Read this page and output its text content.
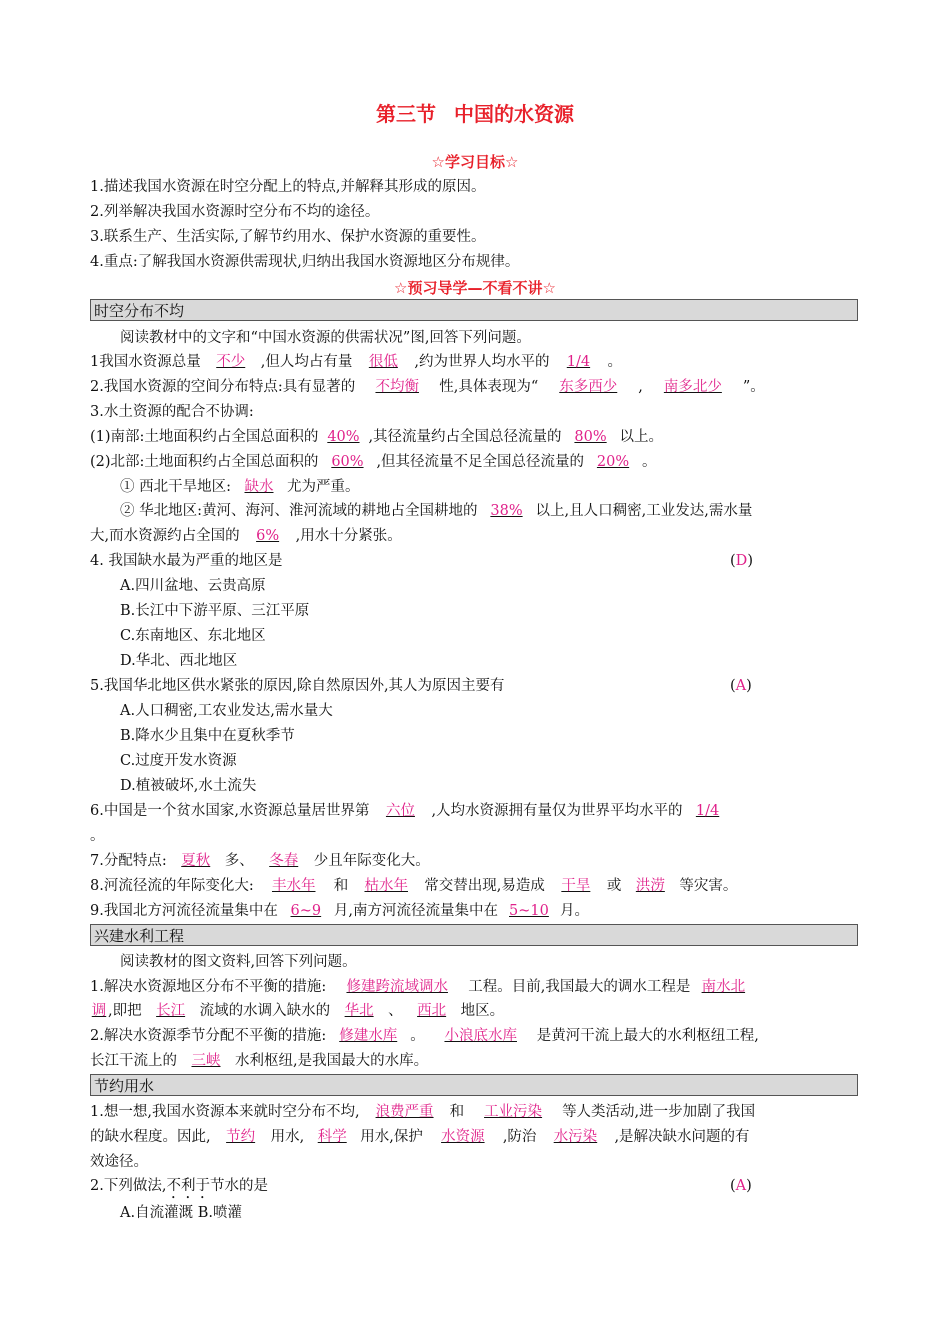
第三节 中国的水资源
☆学习目标☆
1.描述我国水资源在时空分配上的特点,并解释其形成的原因。
2.列举解决我国水资源时空分布不均的途径。
3.联系生产、生活实际,了解节约用水、保护水资源的重要性。
4.重点:了解我国水资源供需现状,归纳出我国水资源地区分布规律。
☆预习导学—不看不讲☆
时空分布不均
阅读教材中的文字和“中国水资源的供需状况”图,回答下列问题。
1我国水资源总量 不少 ,但人均占有量 很低 ,约为世界人均水平的 1/4 。
2.我国水资源的空间分布特点:具有显著的 不均衡 性,具体表现为“ 东多西少 , 南多北少 ”。
3.水土资源的配合不协调:
(1)南部:土地面积约占全国总面积的 40% ,其径流量约占全国总径流量的 80% 以上。
(2)北部:土地面积约占全国总面积的 60% ,但其径流量不足全国总径流量的 20% 。
① 西北干旱地区: 缺水 尤为严重。
② 华北地区:黄河、海河、淮河流域的耕地占全国耕地的 38% 以上,且人口稠密,工业发达,需水量
大,而水资源约占全国的 6% ,用水十分紧张。
4. 我国缺水最为严重的地区是	(D)
A.四川盆地、云贵高原
B.长江中下游平原、三江平原
C.东南地区、东北地区
D.华北、西北地区
5.我国华北地区供水紧张的原因,除自然原因外,其人为原因主要有	(A)
A.人口稠密,工农业发达,需水量大
B.降水少且集中在夏秋季节
C.过度开发水资源
D.植被破坏,水土流失
6.中国是一个贫水国家,水资源总量居世界第 六位 ,人均水资源拥有量仅为世界平均水平的 1/4
。
7.分配特点: 夏秋 多、 冬春 少且年际变化大。
8.河流径流的年际变化大: 丰水年 和 枯水年 常交替出现,易造成 干旱 或 洪涝 等灾害。
9.我国北方河流径流量集中在 6~9 月,南方河流径流量集中在 5~10 月。
兴建水利工程
阅读教材的图文资料,回答下列问题。
1.解决水资源地区分布不平衡的措施: 修建跨流域调水 工程。目前,我国最大的调水工程是 南水北
调 ,即把 长江 流域的水调入缺水的 华北 、 西北 地区。
2.解决水资源季节分配不平衡的措施: 修建水库 。 小浪底水库 是黄河干流上最大的水利枢纽工程,
长江干流上的 三峡 水利枢纽,是我国最大的水库。
节约用水
1.想一想,我国水资源本来就时空分布不均, 浪费严重 和 工业污染 等人类活动,进一步加剧了我国
的缺水程度。因此, 节约 用水, 科学 用水,保护 水资源 ,防治 水污染 ,是解决缺水问题的有
效途径。
2.下列做法,不利于节水的是	(A)
A.自流灌溉 B.喷灌
